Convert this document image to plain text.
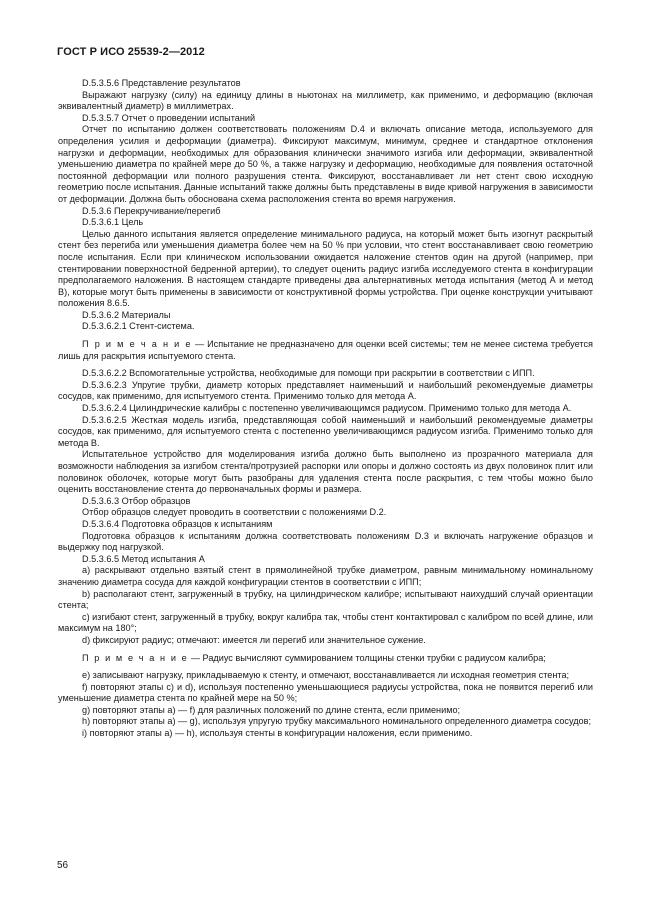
ГОСТ Р ИСО 25539-2—2012

D.5.3.5.6 Представление результатов

Выражают нагрузку (силу) на единицу длины в ньютонах на миллиметр, как применимо, и деформацию (включая эквивалентный диаметр) в миллиметрах.

D.5.3.5.7 Отчет о проведении испытаний

Отчет по испытанию должен соответствовать положениям D.4 и включать описание метода, используемого для определения усилия и деформации (диаметра). Фиксируют максимум, минимум, среднее и стандартное отклонения нагрузки и деформации, необходимых для образования клинически значимого изгиба или деформации, эквивалентной уменьшению диаметра по крайней мере до 50 %, а также нагрузку и деформацию, необходимые для появления остаточной постоянной деформации или полного разрушения стента. Фиксируют, восстанавливает ли нет стент свою исходную геометрию после испытания. Данные испытаний также должны быть представлены в виде кривой нагружения в зависимости от деформации. Должна быть обоснована схема расположения стента во время нагружения.

D.5.3.6 Перекручивание/перегиб

D.5.3.6.1 Цель

Целью данного испытания является определение минимального радиуса, на который может быть изогнут раскрытый стент без перегиба или уменьшения диаметра более чем на 50 % при условии, что стент восстанавливает свою геометрию после испытания. Если при клиническом использовании ожидается наложение стентов один на другой (например, при стентировании поверхностной бедренной артерии), то следует оценить радиус изгиба исследуемого стента в конфигурации предполагаемого наложения. В настоящем стандарте приведены два альтернативных метода испытания (метод А и метод В), которые могут быть применены в зависимости от конструктивной формы устройства. При оценке конструкции учитывают положения 8.6.5.

D.5.3.6.2 Материалы

D.5.3.6.2.1 Стент-система.

П р и м е ч а н и е — Испытание не предназначено для оценки всей системы; тем не менее система требуется лишь для раскрытия испытуемого стента.

D.5.3.6.2.2 Вспомогательные устройства, необходимые для помощи при раскрытии в соответствии с ИПП.

D.5.3.6.2.3 Упругие трубки, диаметр которых представляет наименьший и наибольший рекомендуемые диаметры сосудов, как применимо, для испытуемого стента. Применимо только для метода А.

D.5.3.6.2.4 Цилиндрические калибры с постепенно увеличивающимся радиусом. Применимо только для метода А.

D.5.3.6.2.5 Жесткая модель изгиба, представляющая собой наименьший и наибольший рекомендуемые диаметры сосудов, как применимо, для испытуемого стента с постепенно увеличивающимся радиусом изгиба. Применимо только для метода В.

Испытательное устройство для моделирования изгиба должно быть выполнено из прозрачного материала для возможности наблюдения за изгибом стента/протрузией распорки или опоры и должно состоять из двух половинок плит или половинок оболочек, которые могут быть разобраны для удаления стента после раскрытия, с тем чтобы можно было оценить восстановление стента до первоначальных формы и размера.

D.5.3.6.3 Отбор образцов

Отбор образцов следует проводить в соответствии с положениями D.2.

D.5.3.6.4 Подготовка образцов к испытаниям

Подготовка образцов к испытаниям должна соответствовать положениям D.3 и включать нагружение образцов и выдержку под нагрузкой.

D.5.3.6.5 Метод испытания А

a) раскрывают отдельно взятый стент в прямолинейной трубке диаметром, равным минимальному номинальному значению диаметра сосуда для каждой конфигурации стентов в соответствии с ИПП;

b) располагают стент, загруженный в трубку, на цилиндрическом калибре; испытывают наихудший случай ориентации стента;

c) изгибают стент, загруженный в трубку, вокруг калибра так, чтобы стент контактировал с калибром по всей длине, или максимум на 180°;

d) фиксируют радиус; отмечают: имеется ли перегиб или значительное сужение.

П р и м е ч а н и е — Радиус вычисляют суммированием толщины стенки трубки с радиусом калибра;

e) записывают нагрузку, прикладываемую к стенту, и отмечают, восстанавливается ли исходная геометрия стента;

f) повторяют этапы c) и d), используя постепенно уменьшающиеся радиусы устройства, пока не появится перегиб или уменьшение диаметра стента по крайней мере на 50 %;

g) повторяют этапы a) — f) для различных положений по длине стента, если применимо;

h) повторяют этапы a) — g), используя упругую трубку максимального номинального определенного диаметра сосудов;

i) повторяют этапы a) — h), используя стенты в конфигурации наложения, если применимо.

56
